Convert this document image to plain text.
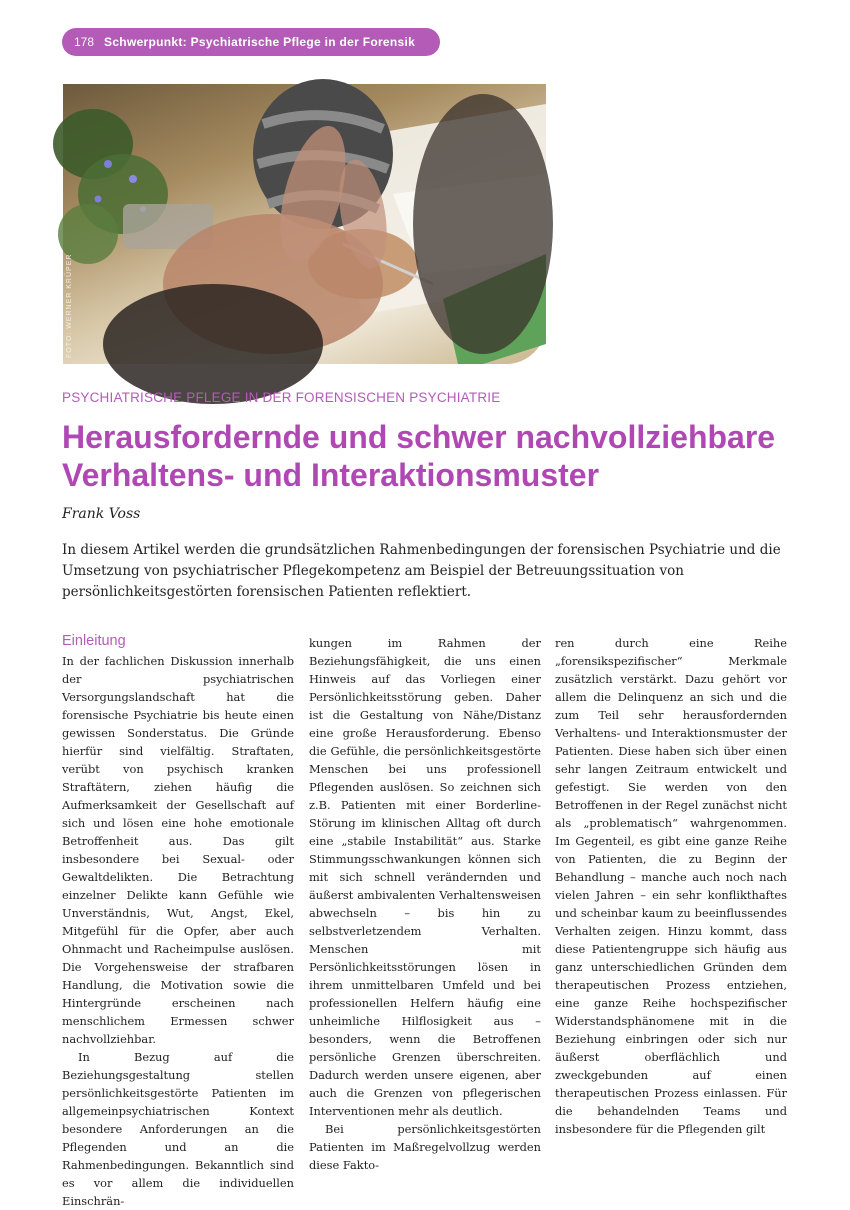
178 Schwerpunkt: Psychiatrische Pflege in der Forensik
FOTO: WERNER KRÜPER
PSYCHIATRISCHE PFLEGE IN DER FORENSISCHEN PSYCHIATRIE
Herausfordernde und schwer nachvollziehbare Verhaltens- und Interaktionsmuster
Frank Voss

In diesem Artikel werden die grundsätzlichen Rahmenbedingungen der forensischen Psychiatrie und die Umsetzung von psychiatrischer Pflegekompetenz am Beispiel der Betreuungssituation von persönlichkeitsgestörten forensischen Patienten reflektiert.

Einleitung

In der fachlichen Diskussion innerhalb der psychiatrischen Versorgungslandschaft hat die forensische Psychiatrie bis heute einen gewissen Sonderstatus. Die Gründe hierfür sind vielfältig. Straftaten, verübt von psychisch kranken Straftätern, ziehen häufig die Aufmerksamkeit der Gesellschaft auf sich und lösen eine hohe emotionale Betroffenheit aus. Das gilt insbesondere bei Sexual- oder Gewaltdelikten. Die Betrachtung einzelner Delikte kann Gefühle wie Unverständnis, Wut, Angst, Ekel, Mitgefühl für die Opfer, aber auch Ohnmacht und Racheimpulse auslösen. Die Vorgehensweise der strafbaren Handlung, die Motivation sowie die Hintergründe erscheinen nach menschlichem Ermessen schwer nachvollziehbar.

In Bezug auf die Beziehungsgestaltung stellen persönlichkeitsgestörte Patienten im allgemeinpsychiatrischen Kontext besondere Anforderungen an die Pflegenden und an die Rahmenbedingungen. Bekanntlich sind es vor allem die individuellen Einschrän-

kungen im Rahmen der Beziehungsfähigkeit, die uns einen Hinweis auf das Vorliegen einer Persönlichkeitsstörung geben. Daher ist die Gestaltung von Nähe/Distanz eine große Herausforderung. Ebenso die Gefühle, die persönlichkeitsgestörte Menschen bei uns professionell Pflegenden auslösen. So zeichnen sich z.B. Patienten mit einer Borderline-Störung im klinischen Alltag oft durch eine „stabile Instabilität“ aus. Starke Stimmungsschwankungen können sich mit sich schnell verändernden und äußerst ambivalenten Verhaltensweisen abwechseln – bis hin zu selbstverletzendem Verhalten. Menschen mit Persönlichkeitsstörungen lösen in ihrem unmittelbaren Umfeld und bei professionellen Helfern häufig eine unheimliche Hilflosigkeit aus – besonders, wenn die Betroffenen persönliche Grenzen überschreiten. Dadurch werden unsere eigenen, aber auch die Grenzen von pflegerischen Interventionen mehr als deutlich.

Bei persönlichkeitsgestörten Patienten im Maßregelvollzug werden diese Fakto-

ren durch eine Reihe „forensikspezifischer“ Merkmale zusätzlich verstärkt. Dazu gehört vor allem die Delinquenz an sich und die zum Teil sehr herausfordernden Verhaltens- und Interaktionsmuster der Patienten. Diese haben sich über einen sehr langen Zeitraum entwickelt und gefestigt. Sie werden von den Betroffenen in der Regel zunächst nicht als „problematisch“ wahrgenommen. Im Gegenteil, es gibt eine ganze Reihe von Patienten, die zu Beginn der Behandlung – manche auch noch nach vielen Jahren – ein sehr konflikthaftes und scheinbar kaum zu beeinflussendes Verhalten zeigen. Hinzu kommt, dass diese Patientengruppe sich häufig aus ganz unterschiedlichen Gründen dem therapeutischen Prozess entziehen, eine ganze Reihe hochspezifischer Widerstandsphänomene mit in die Beziehung einbringen oder sich nur äußerst oberflächlich und zweckgebunden auf einen therapeutischen Prozess einlassen. Für die behandelnden Teams und insbesondere für die Pflegenden gilt
